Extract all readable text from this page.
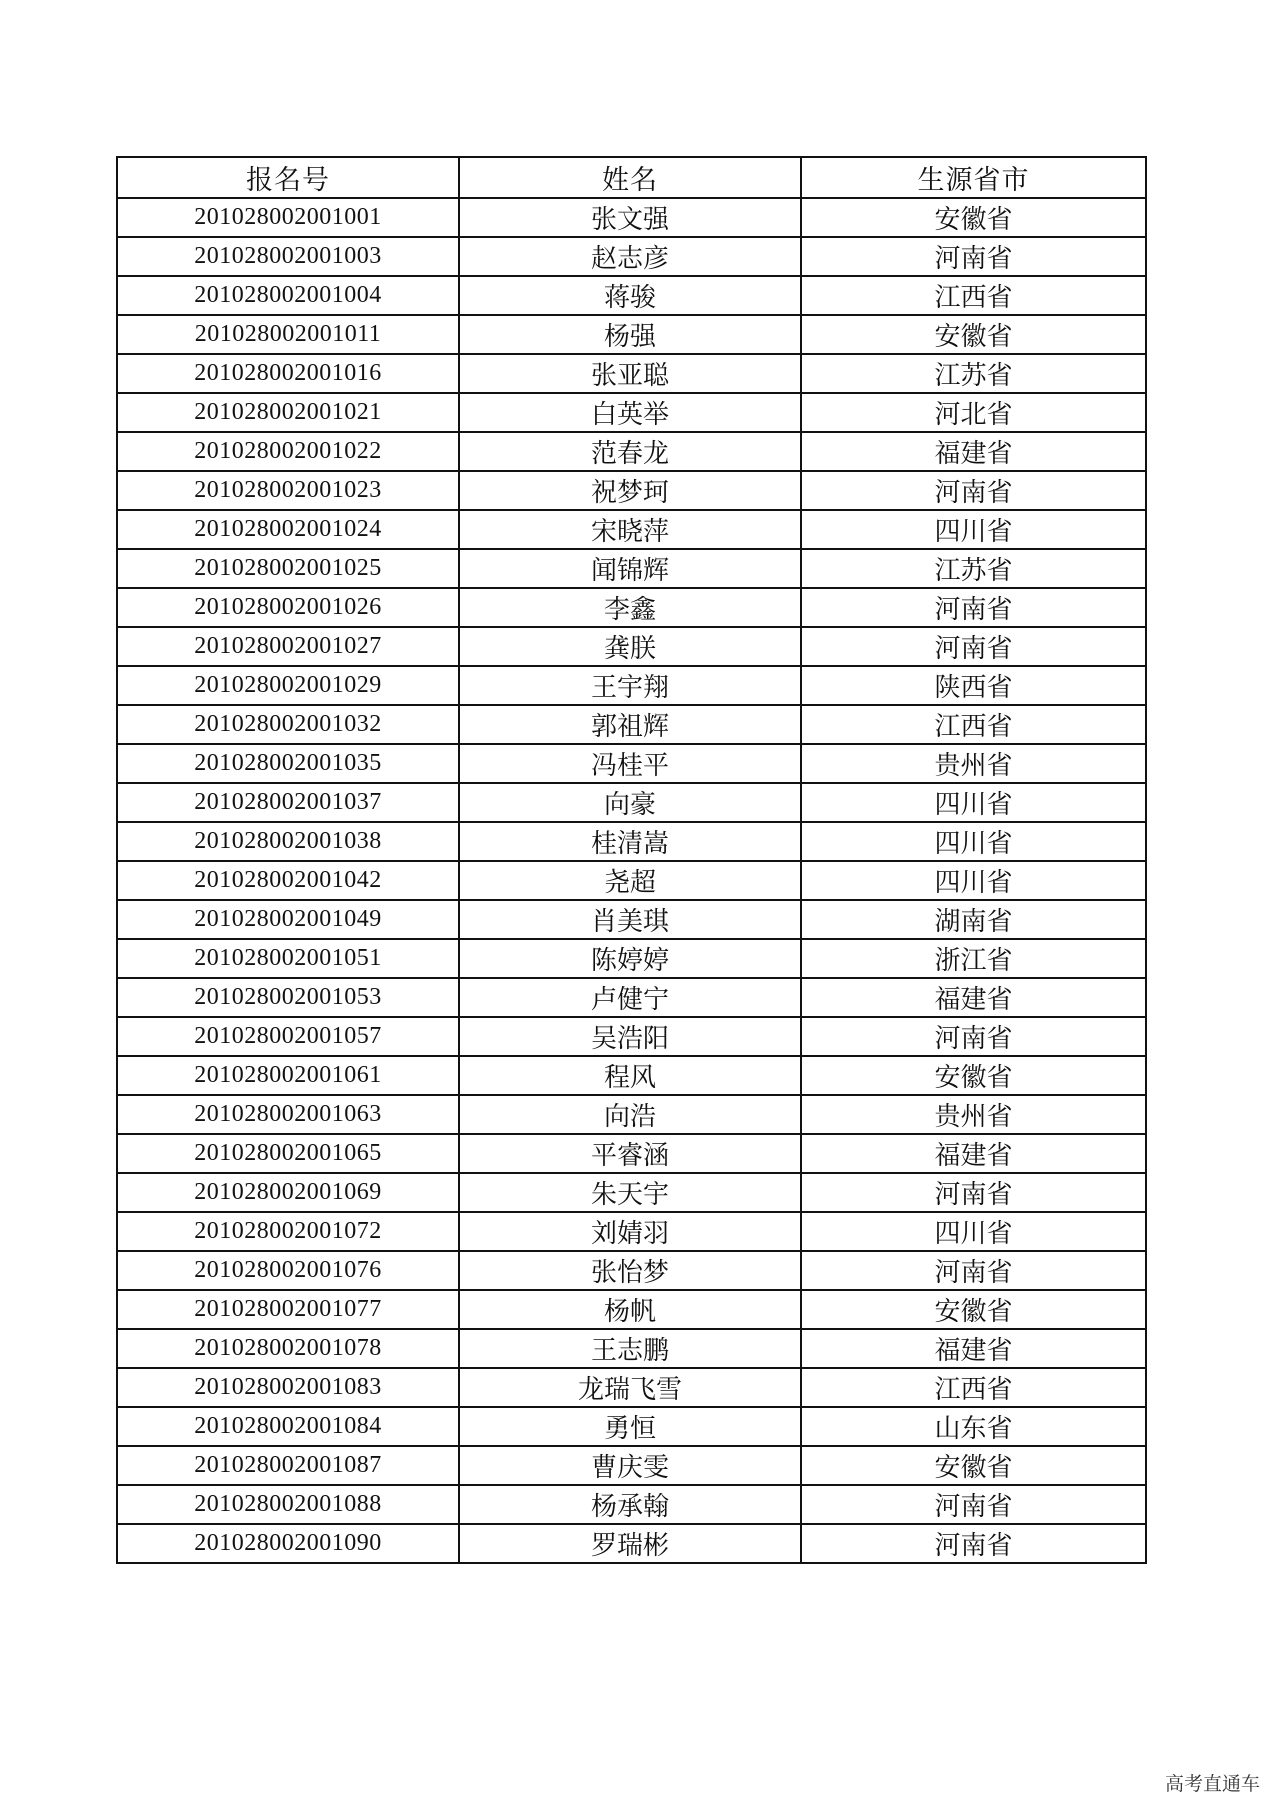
报名号	姓名	生源省市
201028002001001	张文强	安徽省
201028002001003	赵志彦	河南省
201028002001004	蒋骏	江西省
201028002001011	杨强	安徽省
201028002001016	张亚聪	江苏省
201028002001021	白英举	河北省
201028002001022	范春龙	福建省
201028002001023	祝梦珂	河南省
201028002001024	宋晓萍	四川省
201028002001025	闻锦辉	江苏省
201028002001026	李鑫	河南省
201028002001027	龚朕	河南省
201028002001029	王宇翔	陕西省
201028002001032	郭祖辉	江西省
201028002001035	冯桂平	贵州省
201028002001037	向豪	四川省
201028002001038	桂清嵩	四川省
201028002001042	尧超	四川省
201028002001049	肖美琪	湖南省
201028002001051	陈婷婷	浙江省
201028002001053	卢健宁	福建省
201028002001057	吴浩阳	河南省
201028002001061	程风	安徽省
201028002001063	向浩	贵州省
201028002001065	平睿涵	福建省
201028002001069	朱天宇	河南省
201028002001072	刘婧羽	四川省
201028002001076	张怡梦	河南省
201028002001077	杨帆	安徽省
201028002001078	王志鹏	福建省
201028002001083	龙瑞飞雪	江西省
201028002001084	勇恒	山东省
201028002001087	曹庆雯	安徽省
201028002001088	杨承翰	河南省
201028002001090	罗瑞彬	河南省
高考直通车
